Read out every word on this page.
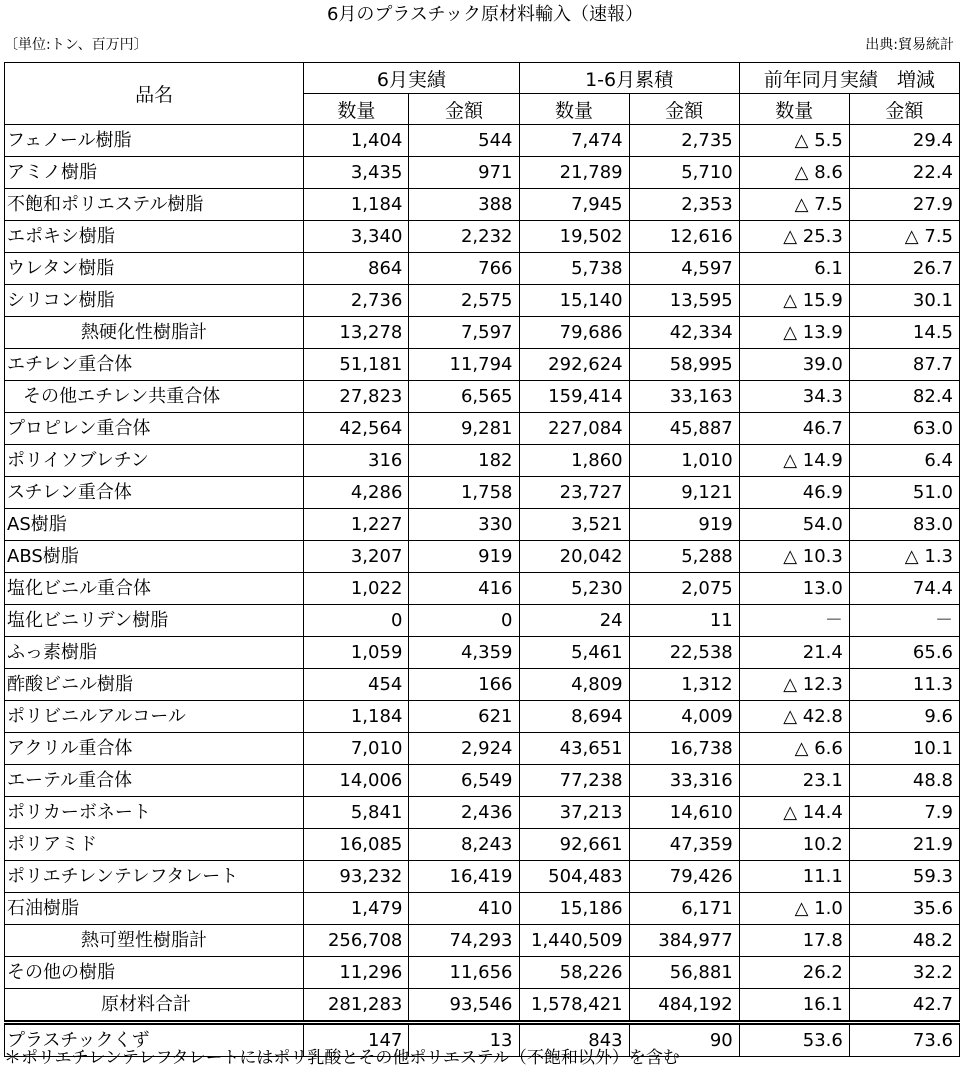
6月のプラスチック原材料輸入（速報）
〔単位:トン、百万円〕	出典:貿易統計
品名	6月実績		1-6月累積		前年同月実績　増減	
	数量	金額	数量	金額	数量	金額
フェノール樹脂	1,404	544	7,474	2,735	△ 5.5	29.4
アミノ樹脂	3,435	971	21,789	5,710	△ 8.6	22.4
不飽和ポリエステル樹脂	1,184	388	7,945	2,353	△ 7.5	27.9
エポキシ樹脂	3,340	2,232	19,502	12,616	△ 25.3	△ 7.5
ウレタン樹脂	864	766	5,738	4,597	6.1	26.7
シリコン樹脂	2,736	2,575	15,140	13,595	△ 15.9	30.1
熱硬化性樹脂計	13,278	7,597	79,686	42,334	△ 13.9	14.5
エチレン重合体	51,181	11,794	292,624	58,995	39.0	87.7
その他エチレン共重合体	27,823	6,565	159,414	33,163	34.3	82.4
プロピレン重合体	42,564	9,281	227,084	45,887	46.7	63.0
ポリイソブレチン	316	182	1,860	1,010	△ 14.9	6.4
スチレン重合体	4,286	1,758	23,727	9,121	46.9	51.0
AS樹脂	1,227	330	3,521	919	54.0	83.0
ABS樹脂	3,207	919	20,042	5,288	△ 10.3	△ 1.3
塩化ビニル重合体	1,022	416	5,230	2,075	13.0	74.4
塩化ビニリデン樹脂	0	0	24	11	－	－
ふっ素樹脂	1,059	4,359	5,461	22,538	21.4	65.6
酢酸ビニル樹脂	454	166	4,809	1,312	△ 12.3	11.3
ポリビニルアルコール	1,184	621	8,694	4,009	△ 42.8	9.6
アクリル重合体	7,010	2,924	43,651	16,738	△ 6.6	10.1
エーテル重合体	14,006	6,549	77,238	33,316	23.1	48.8
ポリカーボネート	5,841	2,436	37,213	14,610	△ 14.4	7.9
ポリアミド	16,085	8,243	92,661	47,359	10.2	21.9
ポリエチレンテレフタレート	93,232	16,419	504,483	79,426	11.1	59.3
石油樹脂	1,479	410	15,186	6,171	△ 1.0	35.6
熱可塑性樹脂計	256,708	74,293	1,440,509	384,977	17.8	48.2
その他の樹脂	11,296	11,656	58,226	56,881	26.2	32.2
原材料合計	281,283	93,546	1,578,421	484,192	16.1	42.7
プラスチックくず	147	13	843	90	53.6	73.6
＊ポリエチレンテレフタレートにはポリ乳酸とその他ポリエステル（不飽和以外）を含む
